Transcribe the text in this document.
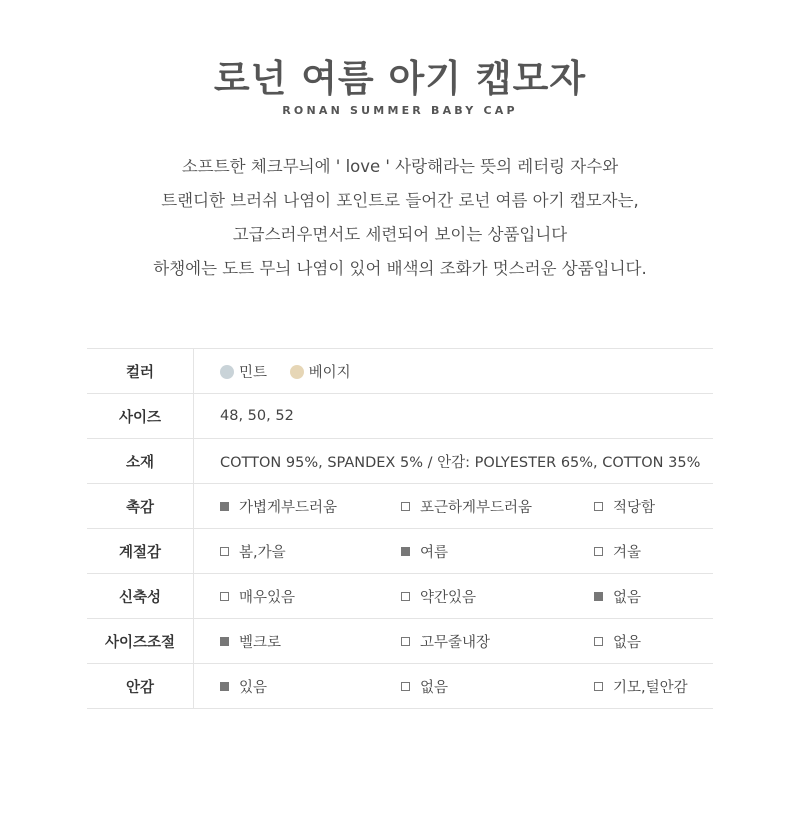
로넌 여름 아기 캡모자
RONAN SUMMER BABY CAP

소프트한 체크무늬에 ' love ' 사랑해라는 뜻의 레터링 자수와

트랜디한 브러쉬 나염이 포인트로 들어간 로넌 여름 아기 캡모자는,

고급스러우면서도 세련되어 보이는 상품입니다

하챙에는 도트 무늬 나염이 있어 배색의 조화가 멋스러운 상품입니다.

컬러	민트 베이지
사이즈	48, 50, 52
소재	COTTON 95%, SPANDEX 5% / 안감: POLYESTER 65%, COTTON 35%
촉감	가볍게부드러움 포근하게부드러움 적당함
계절감	봄,가을 여름 겨울
신축성	매우있음 약간있음 없음
사이즈조절	벨크로 고무줄내장 없음
안감	있음 없음 기모,털안감
